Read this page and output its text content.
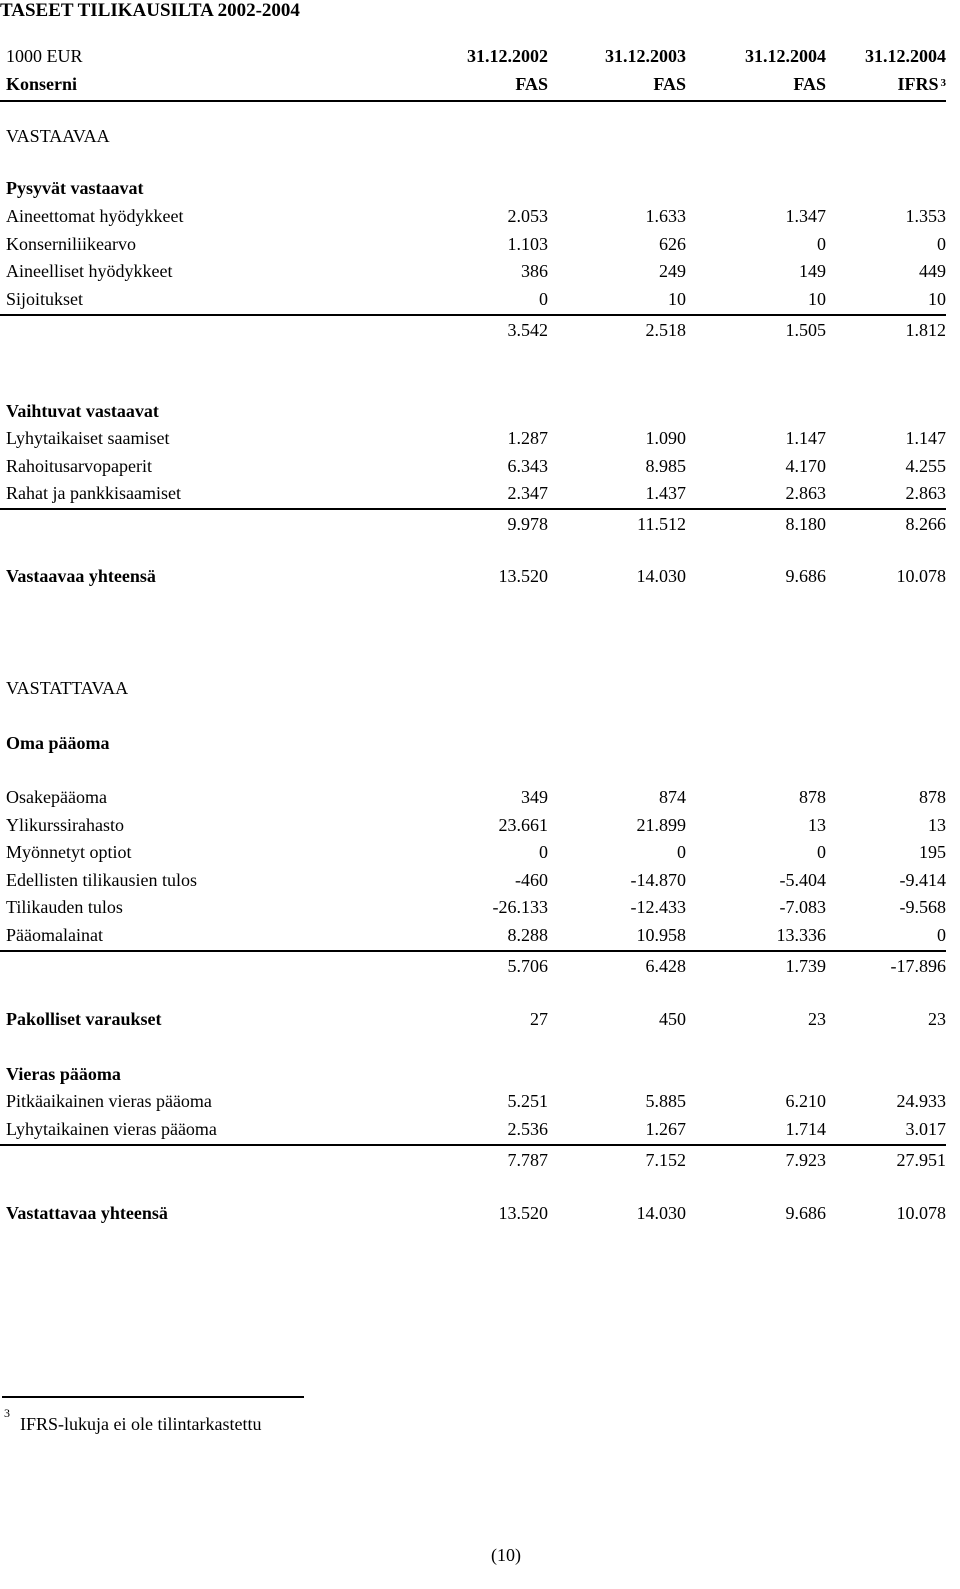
TASEET TILIKAUSILTA 2002-2004
1000 EUR	31.12.2002	31.12.2003	31.12.2004	31.12.2004
Konserni	FAS	FAS	FAS	IFRS $^3$
VASTAAVAA
Pysyvät vastaavat
Aineettomat hyödykkeet	2.053	1.633	1.347	1.353
Konserniliikearvo	1.103	626	0	0
Aineelliset hyödykkeet	386	249	149	449
Sijoitukset	0	10	10	10
3.542	2.518	1.505	1.812
Vaihtuvat vastaavat
Lyhytaikaiset saamiset	1.287	1.090	1.147	1.147
Rahoitusarvopaperit	6.343	8.985	4.170	4.255
Rahat ja pankkisaamiset	2.347	1.437	2.863	2.863
9.978	11.512	8.180	8.266
Vastaavaa yhteensä	13.520	14.030	9.686	10.078
VASTATTAVAA
Oma pääoma
Osakepääoma	349	874	878	878
Ylikurssirahasto	23.661	21.899	13	13
Myönnetyt optiot	0	0	0	195
Edellisten tilikausien tulos	-460	-14.870	-5.404	-9.414
Tilikauden tulos	-26.133	-12.433	-7.083	-9.568
Pääomalainat	8.288	10.958	13.336	0
5.706	6.428	1.739	-17.896
Pakolliset varaukset	27	450	23	23
Vieras pääoma
Pitkäaikainen vieras pääoma	5.251	5.885	6.210	24.933
Lyhytaikainen vieras pääoma	2.536	1.267	1.714	3.017
7.787	7.152	7.923	27.951
Vastattavaa yhteensä	13.520	14.030	9.686	10.078
3
IFRS-lukuja ei ole tilintarkastettu
(10)
